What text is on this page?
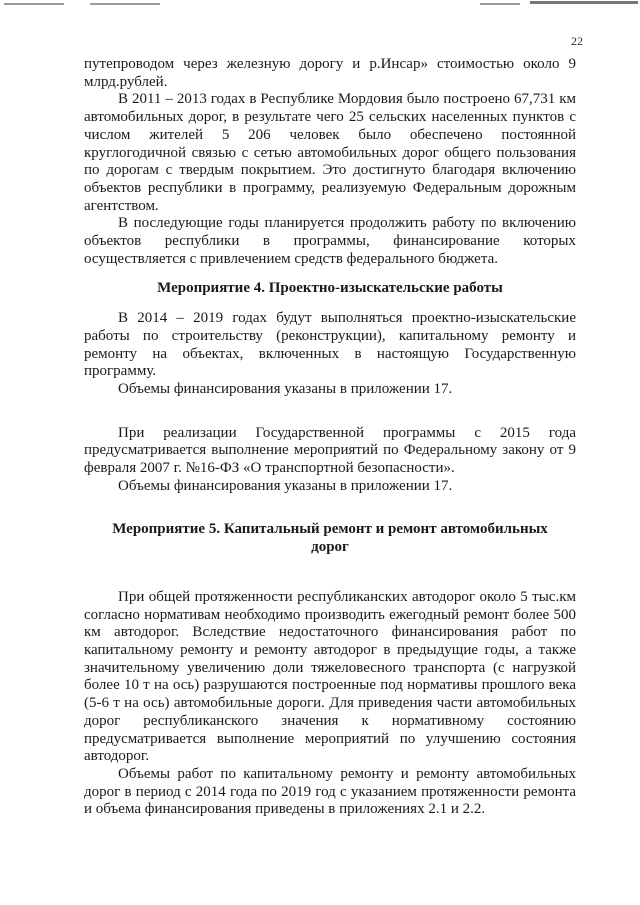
22

путепроводом через железную дорогу и р.Инсар» стоимостью около 9 млрд.рублей.

В 2011 – 2013 годах в Республике Мордовия было построено 67,731 км автомобильных дорог, в результате чего 25 сельских населенных пунктов с числом жителей 5 206 человек было обеспечено постоянной круглогодичной связью с сетью автомобильных дорог общего пользования по дорогам с твердым покрытием. Это достигнуто благодаря включению объектов республики в программу, реализуемую Федеральным дорожным агентством.

В последующие годы планируется продолжить работу по включению объектов республики в программы, финансирование которых осуществляется с привлечением средств федерального бюджета.

Мероприятие 4. Проектно-изыскательские работы

В 2014 – 2019 годах будут выполняться проектно-изыскательские работы по строительству (реконструкции), капитальному ремонту и ремонту на объектах, включенных в настоящую Государственную программу.

Объемы финансирования указаны в приложении 17.

При реализации Государственной программы с 2015 года предусматривается выполнение мероприятий по Федеральному закону от 9 февраля 2007 г. №16-ФЗ «О транспортной безопасности».

Объемы финансирования указаны в приложении 17.

Мероприятие 5. Капитальный ремонт и ремонт автомобильных дорог

При общей протяженности республиканских автодорог около 5 тыс.км согласно нормативам необходимо производить ежегодный ремонт более 500 км автодорог. Вследствие недостаточного финансирования работ по капитальному ремонту и ремонту автодорог в предыдущие годы, а также значительному увеличению доли тяжеловесного транспорта (с нагрузкой более 10 т на ось) разрушаются построенные под нормативы прошлого века (5-6 т на ось) автомобильные дороги. Для приведения части автомобильных дорог республиканского значения к нормативному состоянию предусматривается выполнение мероприятий по улучшению состояния автодорог.

Объемы работ по капитальному ремонту и ремонту автомобильных дорог в период с 2014 года по 2019 год с указанием протяженности ремонта и объема финансирования приведены в приложениях 2.1 и 2.2.
